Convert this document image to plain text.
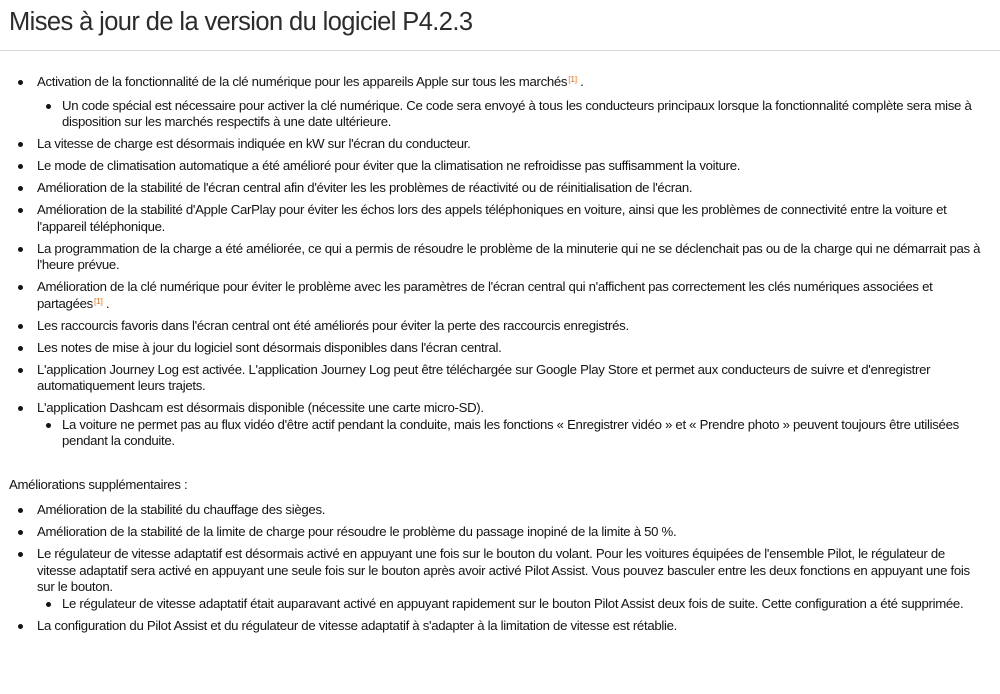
Mises à jour de la version du logiciel P4.2.3
Activation de la fonctionnalité de la clé numérique pour les appareils Apple sur tous les marchés[1] .
Un code spécial est nécessaire pour activer la clé numérique. Ce code sera envoyé à tous les conducteurs principaux lorsque la fonctionnalité complète sera mise à disposition sur les marchés respectifs à une date ultérieure.
La vitesse de charge est désormais indiquée en kW sur l'écran du conducteur.
Le mode de climatisation automatique a été amélioré pour éviter que la climatisation ne refroidisse pas suffisamment la voiture.
Amélioration de la stabilité de l'écran central afin d'éviter les les problèmes de réactivité ou de réinitialisation de l'écran.
Amélioration de la stabilité d'Apple CarPlay pour éviter les échos lors des appels téléphoniques en voiture, ainsi que les problèmes de connectivité entre la voiture et l'appareil téléphonique.
La programmation de la charge a été améliorée, ce qui a permis de résoudre le problème de la minuterie qui ne se déclenchait pas ou de la charge qui ne démarrait pas à l'heure prévue.
Amélioration de la clé numérique pour éviter le problème avec les paramètres de l'écran central qui n'affichent pas correctement les clés numériques associées et partagées[1] .
Les raccourcis favoris dans l'écran central ont été améliorés pour éviter la perte des raccourcis enregistrés.
Les notes de mise à jour du logiciel sont désormais disponibles dans l'écran central.
L'application Journey Log est activée. L'application Journey Log peut être téléchargée sur Google Play Store et permet aux conducteurs de suivre et d'enregistrer automatiquement leurs trajets.
L'application Dashcam est désormais disponible (nécessite une carte micro-SD).
La voiture ne permet pas au flux vidéo d'être actif pendant la conduite, mais les fonctions « Enregistrer vidéo » et « Prendre photo » peuvent toujours être utilisées pendant la conduite.
Améliorations supplémentaires :
Amélioration de la stabilité du chauffage des sièges.
Amélioration de la stabilité de la limite de charge pour résoudre le problème du passage inopiné de la limite à 50 %.
Le régulateur de vitesse adaptatif est désormais activé en appuyant une fois sur le bouton du volant. Pour les voitures équipées de l'ensemble Pilot, le régulateur de vitesse adaptatif sera activé en appuyant une seule fois sur le bouton après avoir activé Pilot Assist. Vous pouvez basculer entre les deux fonctions en appuyant une fois sur le bouton.
Le régulateur de vitesse adaptatif était auparavant activé en appuyant rapidement sur le bouton Pilot Assist deux fois de suite. Cette configuration a été supprimée.
La configuration du Pilot Assist et du régulateur de vitesse adaptatif à s'adapter à la limitation de vitesse est rétablie.
